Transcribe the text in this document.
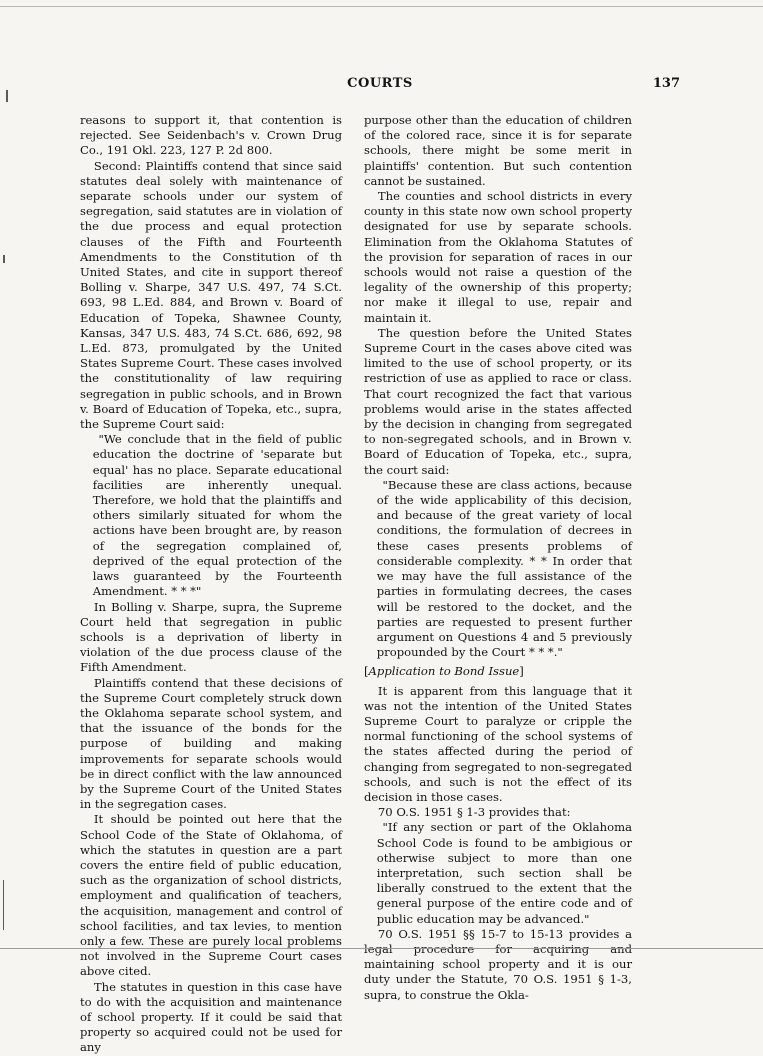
COURTS	137

reasons to support it, that contention is rejected. See Seidenbach's v. Crown Drug Co., 191 Okl. 223, 127 P. 2d 800.

Second: Plaintiffs contend that since said statutes deal solely with maintenance of separate schools under our system of segregation, said statutes are in violation of the due process and equal protection clauses of the Fifth and Fourteenth Amendments to the Constitution of th United States, and cite in support thereof Bolling v. Sharpe, 347 U.S. 497, 74 S.Ct. 693, 98 L.Ed. 884, and Brown v. Board of Education of Topeka, Shawnee County, Kansas, 347 U.S. 483, 74 S.Ct. 686, 692, 98 L.Ed. 873, promulgated by the United States Supreme Court. These cases involved the constitutionality of law requiring segregation in public schools, and in Brown v. Board of Education of Topeka, etc., supra, the Supreme Court said:

"We conclude that in the field of public education the doctrine of 'separate but equal' has no place. Separate educational facilities are inherently unequal. Therefore, we hold that the plaintiffs and others similarly situated for whom the actions have been brought are, by reason of the segregation complained of, deprived of the equal protection of the laws guaranteed by the Fourteenth Amendment. * * *"

In Bolling v. Sharpe, supra, the Supreme Court held that segregation in public schools is a deprivation of liberty in violation of the due process clause of the Fifth Amendment.

Plaintiffs contend that these decisions of the Supreme Court completely struck down the Oklahoma separate school system, and that the issuance of the bonds for the purpose of building and making improvements for separate schools would be in direct conflict with the law announced by the Supreme Court of the United States in the segregation cases.

It should be pointed out here that the School Code of the State of Oklahoma, of which the statutes in question are a part covers the entire field of public education, such as the organization of school districts, employment and qualification of teachers, the acquisition, management and control of school facilities, and tax levies, to mention only a few. These are purely local problems not involved in the Supreme Court cases above cited.

The statutes in question in this case have to do with the acquisition and maintenance of school property. If it could be said that property so acquired could not be used for any

purpose other than the education of children of the colored race, since it is for separate schools, there might be some merit in plaintiffs' contention. But such contention cannot be sustained.

The counties and school districts in every county in this state now own school property designated for use by separate schools. Elimination from the Oklahoma Statutes of the provision for separation of races in our schools would not raise a question of the legality of the ownership of this property; nor make it illegal to use, repair and maintain it.

The question before the United States Supreme Court in the cases above cited was limited to the use of school property, or its restriction of use as applied to race or class. That court recognized the fact that various problems would arise in the states affected by the decision in changing from segregated to non-segregated schools, and in Brown v. Board of Education of Topeka, etc., supra, the court said:

"Because these are class actions, because of the wide applicability of this decision, and because of the great variety of local conditions, the formulation of decrees in these cases presents problems of considerable complexity. * * In order that we may have the full assistance of the parties in formulating decrees, the cases will be restored to the docket, and the parties are requested to present further argument on Questions 4 and 5 previously propounded by the Court * * *."

[Application to Bond Issue]

It is apparent from this language that it was not the intention of the United States Supreme Court to paralyze or cripple the normal functioning of the school systems of the states affected during the period of changing from segregated to non-segregated schools, and such is not the effect of its decision in those cases.

70 O.S. 1951 § 1-3 provides that:

"If any section or part of the Oklahoma School Code is found to be ambigious or otherwise subject to more than one interpretation, such section shall be liberally construed to the extent that the general purpose of the entire code and of public education may be advanced."

70 O.S. 1951 §§ 15-7 to 15-13 provides a maintaining school property and it is our duty under the Statute, 70 O.S. 1951 § 1-3, supra, to construe the Okla-
